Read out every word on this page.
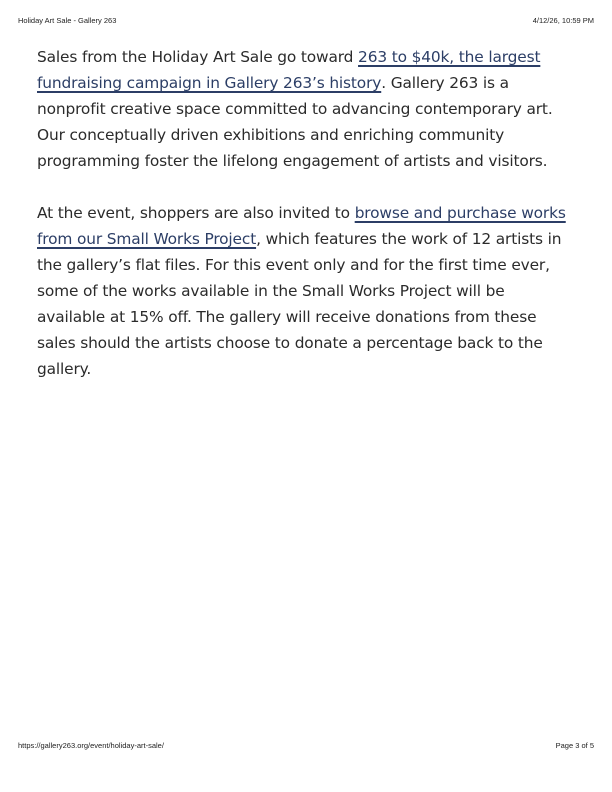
Holiday Art Sale - Gallery 263	4/12/26, 10:59 PM

Sales from the Holiday Art Sale go toward 263 to $40k, the largest fundraising campaign in Gallery 263’s history. Gallery 263 is a nonprofit creative space committed to advancing contemporary art. Our conceptually driven exhibitions and enriching community programming foster the lifelong engagement of artists and visitors.

At the event, shoppers are also invited to browse and purchase works from our Small Works Project, which features the work of 12 artists in the gallery’s flat files. For this event only and for the first time ever, some of the works available in the Small Works Project will be available at 15% off. The gallery will receive donations from these sales should the artists choose to donate a percentage back to the gallery.

https://gallery263.org/event/holiday-art-sale/	Page 3 of 5
